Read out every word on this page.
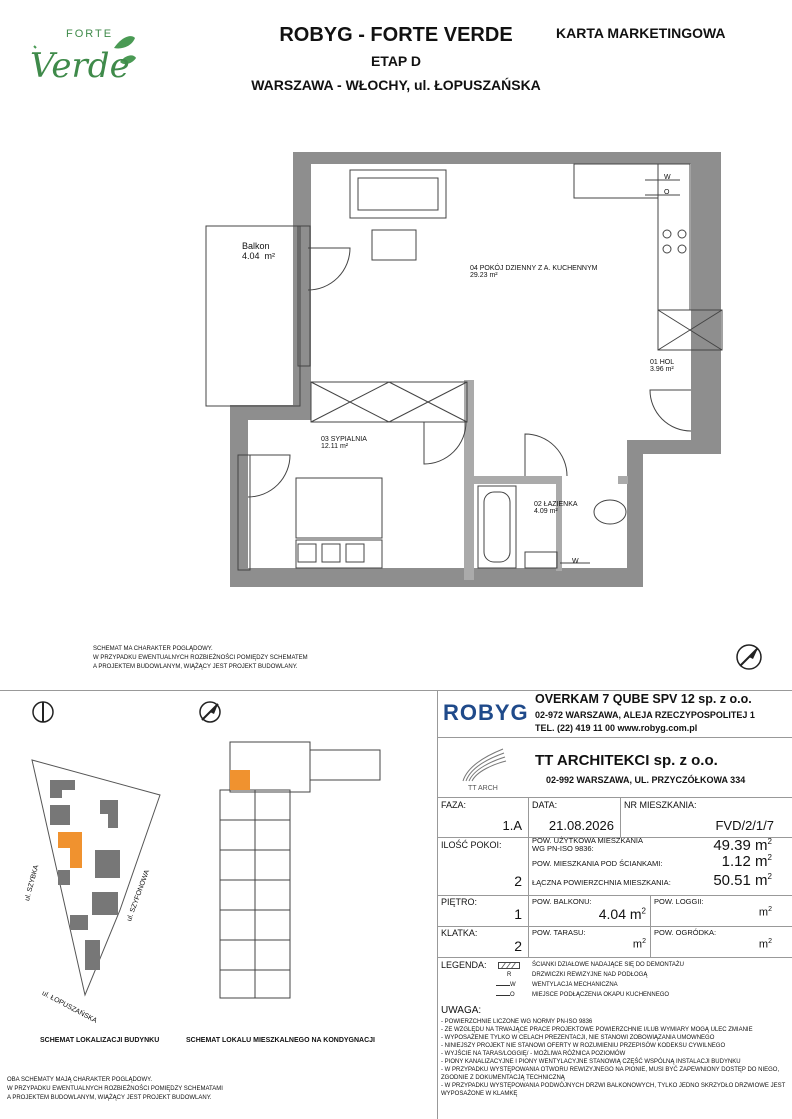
FORTE
Verde
ROBYG - FORTE VERDE
ETAP D
WARSZAWA - WŁOCHY, ul. ŁOPUSZAŃSKA
KARTA MARKETINGOWA
Balkon
4.04 m²
04 POKÓJ DZIENNY Z A. KUCHENNYM
29.23 m²
01 HOL
3.96 m²
03 SYPIALNIA
12.11 m²
02 ŁAZIENKA
4.09 m²
W
O
W
SCHEMAT MA CHARAKTER POGLĄDOWY.
W PRZYPADKU EWENTUALNYCH ROZBIEŻNOŚCI POMIĘDZY SCHEMATEM
A PROJEKTEM BUDOWLANYM, WIĄŻĄCY JEST PROJEKT BUDOWLANY.
ul. SZYBKA	ul. SZYFONOWA
ul. ŁOPUSZAŃSKA
SCHEMAT LOKALIZACJI BUDYNKU	SCHEMAT LOKALU MIESZKALNEGO NA KONDYGNACJI
OBA SCHEMATY MAJĄ CHARAKTER POGLĄDOWY.
W PRZYPADKU EWENTUALNYCH ROZBIEŻNOŚCI POMIĘDZY SCHEMATAMI
A PROJEKTEM BUDOWLANYM, WIĄŻĄCY JEST PROJEKT BUDOWLANY.
ROBYG
OVERKAM 7 QUBE SPV 12 sp. z o.o.
02-972 WARSZAWA, ALEJA RZECZYPOSPOLITEJ 1
TEL. (22) 419 11 00 www.robyg.com.pl
TT ARCH
TT ARCHITEKCI sp. z o.o.
02-992 WARSZAWA, UL. PRZYCZÓŁKOWA 334
FAZA:
1.A
DATA:
21.08.2026
NR MIESZKANIA:
FVD/2/1/7
ILOŚĆ POKOI:
2
POW. UŻYTKOWA MIESZKANIA
WG PN-ISO 9836:	49.39 $m^2$
POW. MIESZKANIA POD ŚCIANKAMI:	1.12 $m^2$
ŁĄCZNA POWIERZCHNIA MIESZKANIA:	50.51 $m^2$
PIĘTRO:
1
POW. BALKONU:
4.04 $m^2$
POW. LOGGII:
$m^2$
KLATKA:
2
POW. TARASU:
$m^2$
POW. OGRÓDKA:
$m^2$
LEGENDA:	ŚCIANKI DZIAŁOWE NADAJĄCE SIĘ DO DEMONTAŻU
R	DRZWICZKI REWIZYJNE NAD PODŁOGĄ
W	WENTYLACJA MECHANICZNA
O	MIEJSCE PODŁĄCZENIA OKAPU KUCHENNEGO
UWAGA:
- POWIERZCHNIE LICZONE WG NORMY PN-ISO 9836
- ZE WZGLĘDU NA TRWAJĄCE PRACE PROJEKTOWE POWIERZCHNIE I/LUB WYMIARY MOGĄ ULEC ZMIANIE
- WYPOSAŻENIE TYLKO W CELACH PREZENTACJI, NIE STANOWI ZOBOWIĄZANIA UMOWNEGO
- NINIEJSZY PROJEKT NIE STANOWI OFERTY W ROZUMIENIU PRZEPISÓW KODEKSU CYWILNEGO
- WYJŚCIE NA TARAS/LOGGIĘ/ - MOŻLIWA RÓŻNICA POZIOMÓW
- PIONY KANALIZACYJNE I PIONY WENTYLACYJNE STANOWIĄ CZĘŚĆ WSPÓLNĄ INSTALACJI BUDYNKU
- W PRZYPADKU WYSTĘPOWANIA OTWORU REWIZYJNEGO NA PIONIE, MUSI BYĆ ZAPEWNIONY DOSTĘP DO NIEGO, ZGODNIE Z DOKUMENTACJĄ TECHNICZNĄ
- W PRZYPADKU WYSTĘPOWANIA PODWÓJNYCH DRZWI BALKONOWYCH, TYLKO JEDNO SKRZYDŁO DRZWIOWE JEST WYPOSAŻONE W KLAMKĘ
